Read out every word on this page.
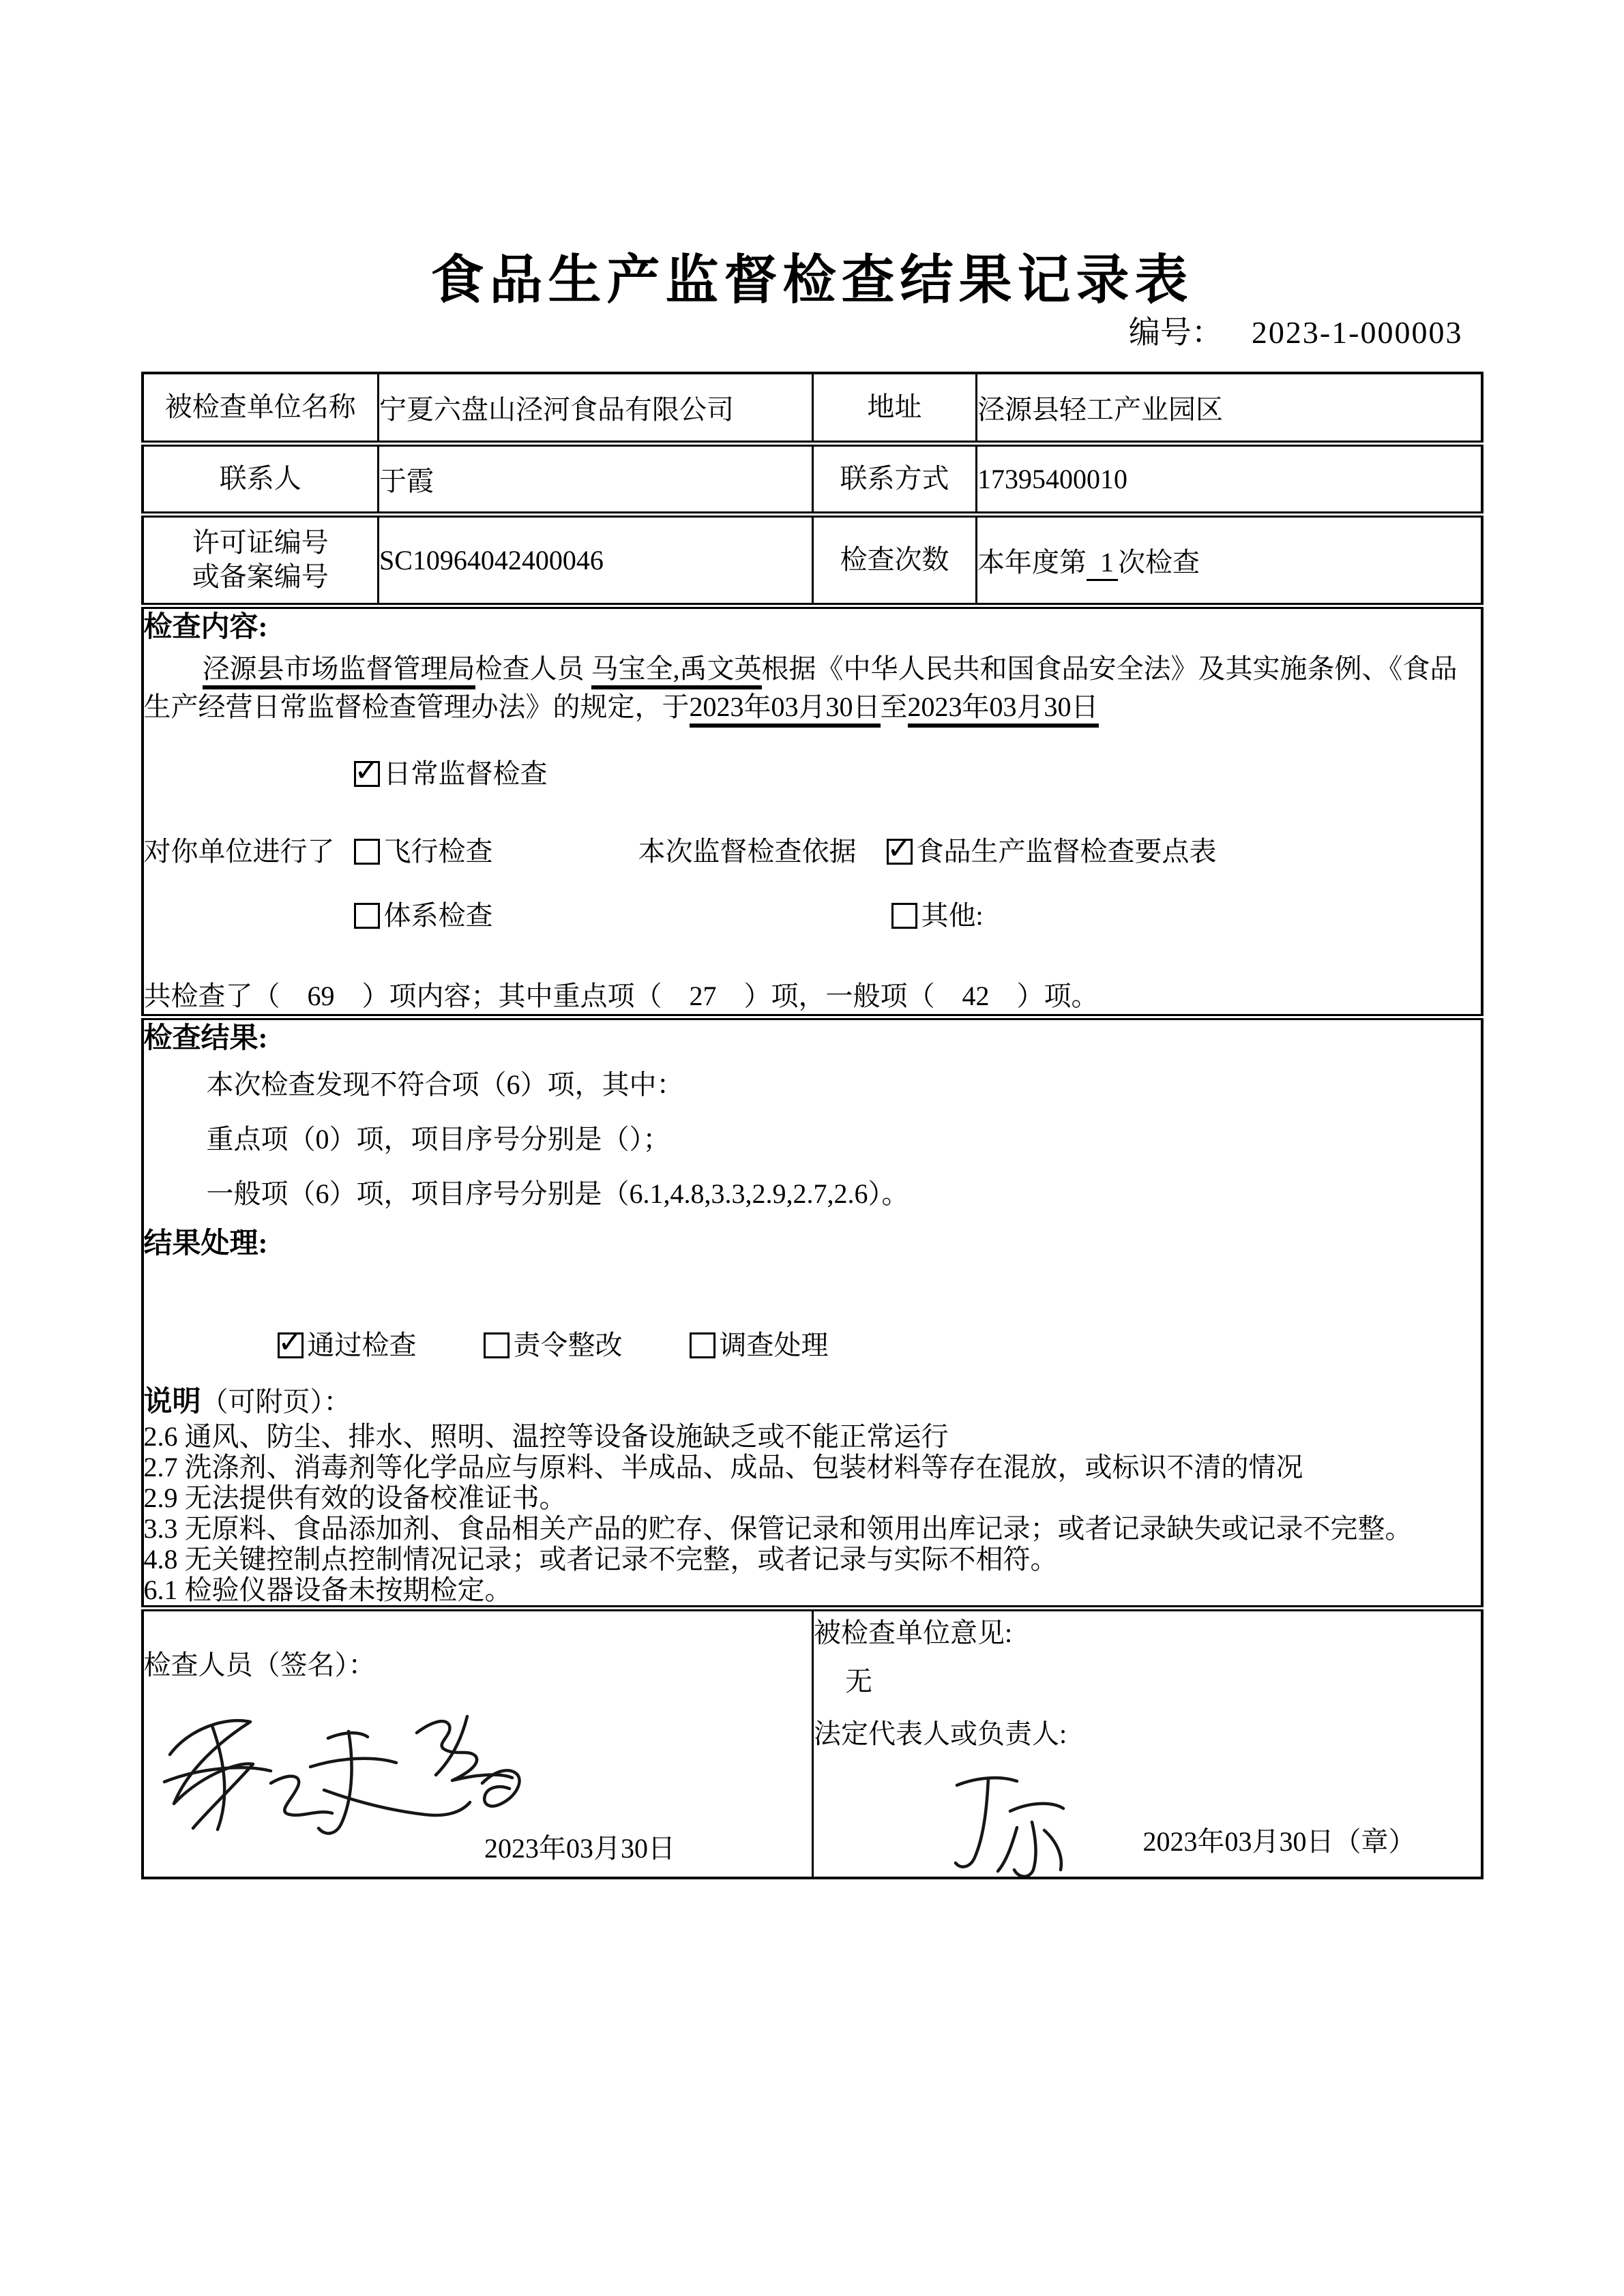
食品生产监督检查结果记录表
编号： 2023-1-000003
被检查单位名称	宁夏六盘山泾河食品有限公司	地址	泾源县轻工产业园区
联系人	于霞	联系方式	17395400010

许可证编号
或备案编号	SC10964042400046	检查次数	本年度第 1 次检查

检查内容:
泾源县市场监督管理局检查人员 马宝全,禹文英根据《中华人民共和国食品安全法》及其实施条例、《食品生产经营日常监督检查管理办法》的规定，于2023年03月30日至2023年03月30日
✓ 日常监督检查
对你单位进行了 飞行检查	本次监督检查依据 ✓ 食品生产监督检查要点表
体系检查	其他:
共检查了（　69　）项内容；其中重点项（　27　）项，一般项（　42　）项。

检查结果:
本次检查发现不符合项（6）项，其中：
重点项（0）项，项目序号分别是（）；
一般项（6）项，项目序号分别是（6.1,4.8,3.3,2.9,2.7,2.6）。
结果处理:
✓ 通过检查	责令整改	调查处理
说明（可附页）：
2.6 通风、防尘、排水、照明、温控等设备设施缺乏或不能正常运行
2.7 洗涤剂、消毒剂等化学品应与原料、半成品、成品、包装材料等存在混放，或标识不清的情况
2.9 无法提供有效的设备校准证书。
3.3 无原料、食品添加剂、食品相关产品的贮存、保管记录和领用出库记录；或者记录缺失或记录不完整。
4.8 无关键控制点控制情况记录；或者记录不完整，或者记录与实际不相符。
6.1 检验仪器设备未按期检定。

检查人员（签名）：
2023年03月30日

被检查单位意见:
无
法定代表人或负责人:
2023年03月30日（章）
